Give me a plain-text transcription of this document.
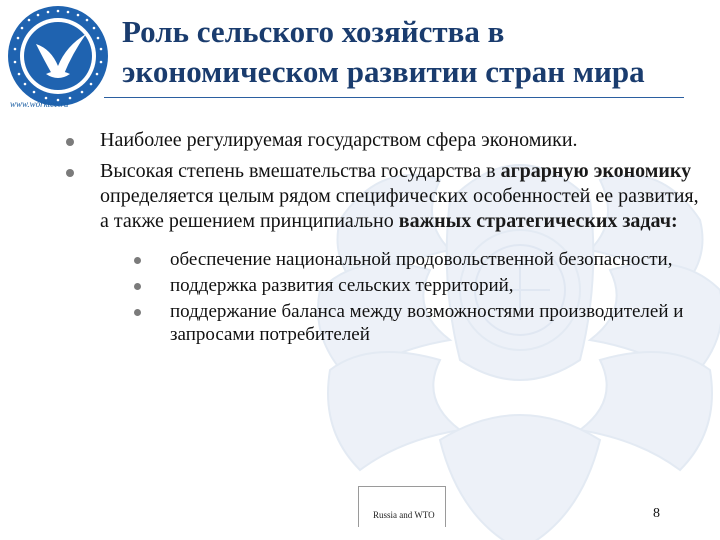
www.worktec.ru
Роль сельского хозяйства в
экономическом развитии стран мира
Наиболее регулируемая государством сфера экономики.
Высокая степень вмешательства государства в аграрную экономику определяется целым рядом специфических особенностей ее развития, а также решением принципиально важных стратегических задач:
обеспечение национальной продовольственной безопасности,
поддержка развития сельских территорий,
поддержание баланса между возможностями производителей и запросами потребителей
Russia and WTO	8
